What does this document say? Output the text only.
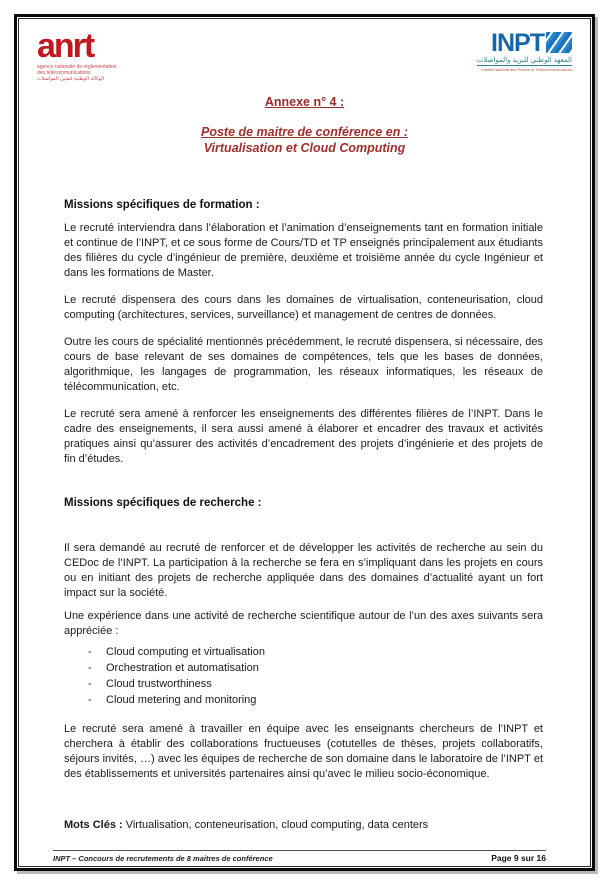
anrt
agence nationale de réglementation
des télécommunications
الوكالة الوطنية لتقنين المواصلات
INPT
المعهد الوطني للبريد والمواصلات
Institut National des Postes et Télécommunications
Annexe n° 4 :
Poste de maitre de conférence en :
Virtualisation et Cloud Computing
Missions spécifiques de formation :

Le recruté interviendra dans l’élaboration et l’animation d’enseignements tant en formation initiale et continue de l’INPT, et ce sous forme de Cours/TD et TP enseignés principalement aux étudiants des filières du cycle d’ingénieur de première, deuxième et troisième année du cycle Ingénieur et dans les formations de Master.

Le recruté dispensera des cours dans les domaines de virtualisation, conteneurisation, cloud computing (architectures, services, surveillance) et management de centres de données.

Outre les cours de spécialité mentionnés précédemment, le recruté dispensera, si nécessaire, des cours de base relevant de ses domaines de compétences, tels que les bases de données, algorithmique, les langages de programmation, les réseaux informatiques, les réseaux de télécommunication, etc.

Le recruté sera amené à renforcer les enseignements des différentes filières de l’INPT. Dans le cadre des enseignements, il sera aussi amené à élaborer et encadrer des travaux et activités pratiques ainsi qu’assurer des activités d’encadrement des projets d’ingénierie et des projets de fin d’études.

Missions spécifiques de recherche :

Il sera demandé au recruté de renforcer et de développer les activités de recherche au sein du CEDoc de l’INPT. La participation à la recherche se fera en s’impliquant dans les projets en cours ou en initiant des projets de recherche appliquée dans des domaines d’actualité ayant un fort impact sur la société.

Une expérience dans une activité de recherche scientifique autour de l’un des axes suivants sera appréciée :

- Cloud computing et virtualisation
- Orchestration et automatisation
- Cloud trustworthiness
- Cloud metering and monitoring

Le recruté sera amené à travailler en équipe avec les enseignants chercheurs de l’INPT et cherchera à établir des collaborations fructueuses (cotutelles de thèses, projets collaboratifs, séjours invités, …) avec les équipes de recherche de son domaine dans le laboratoire de l’INPT et des établissements et universités partenaires ainsi qu’avec le milieu socio-économique.

Mots Clés : Virtualisation, conteneurisation, cloud computing, data centers
INPT – Concours de recrutements de 8 maitres de conférence	Page 9 sur 16
